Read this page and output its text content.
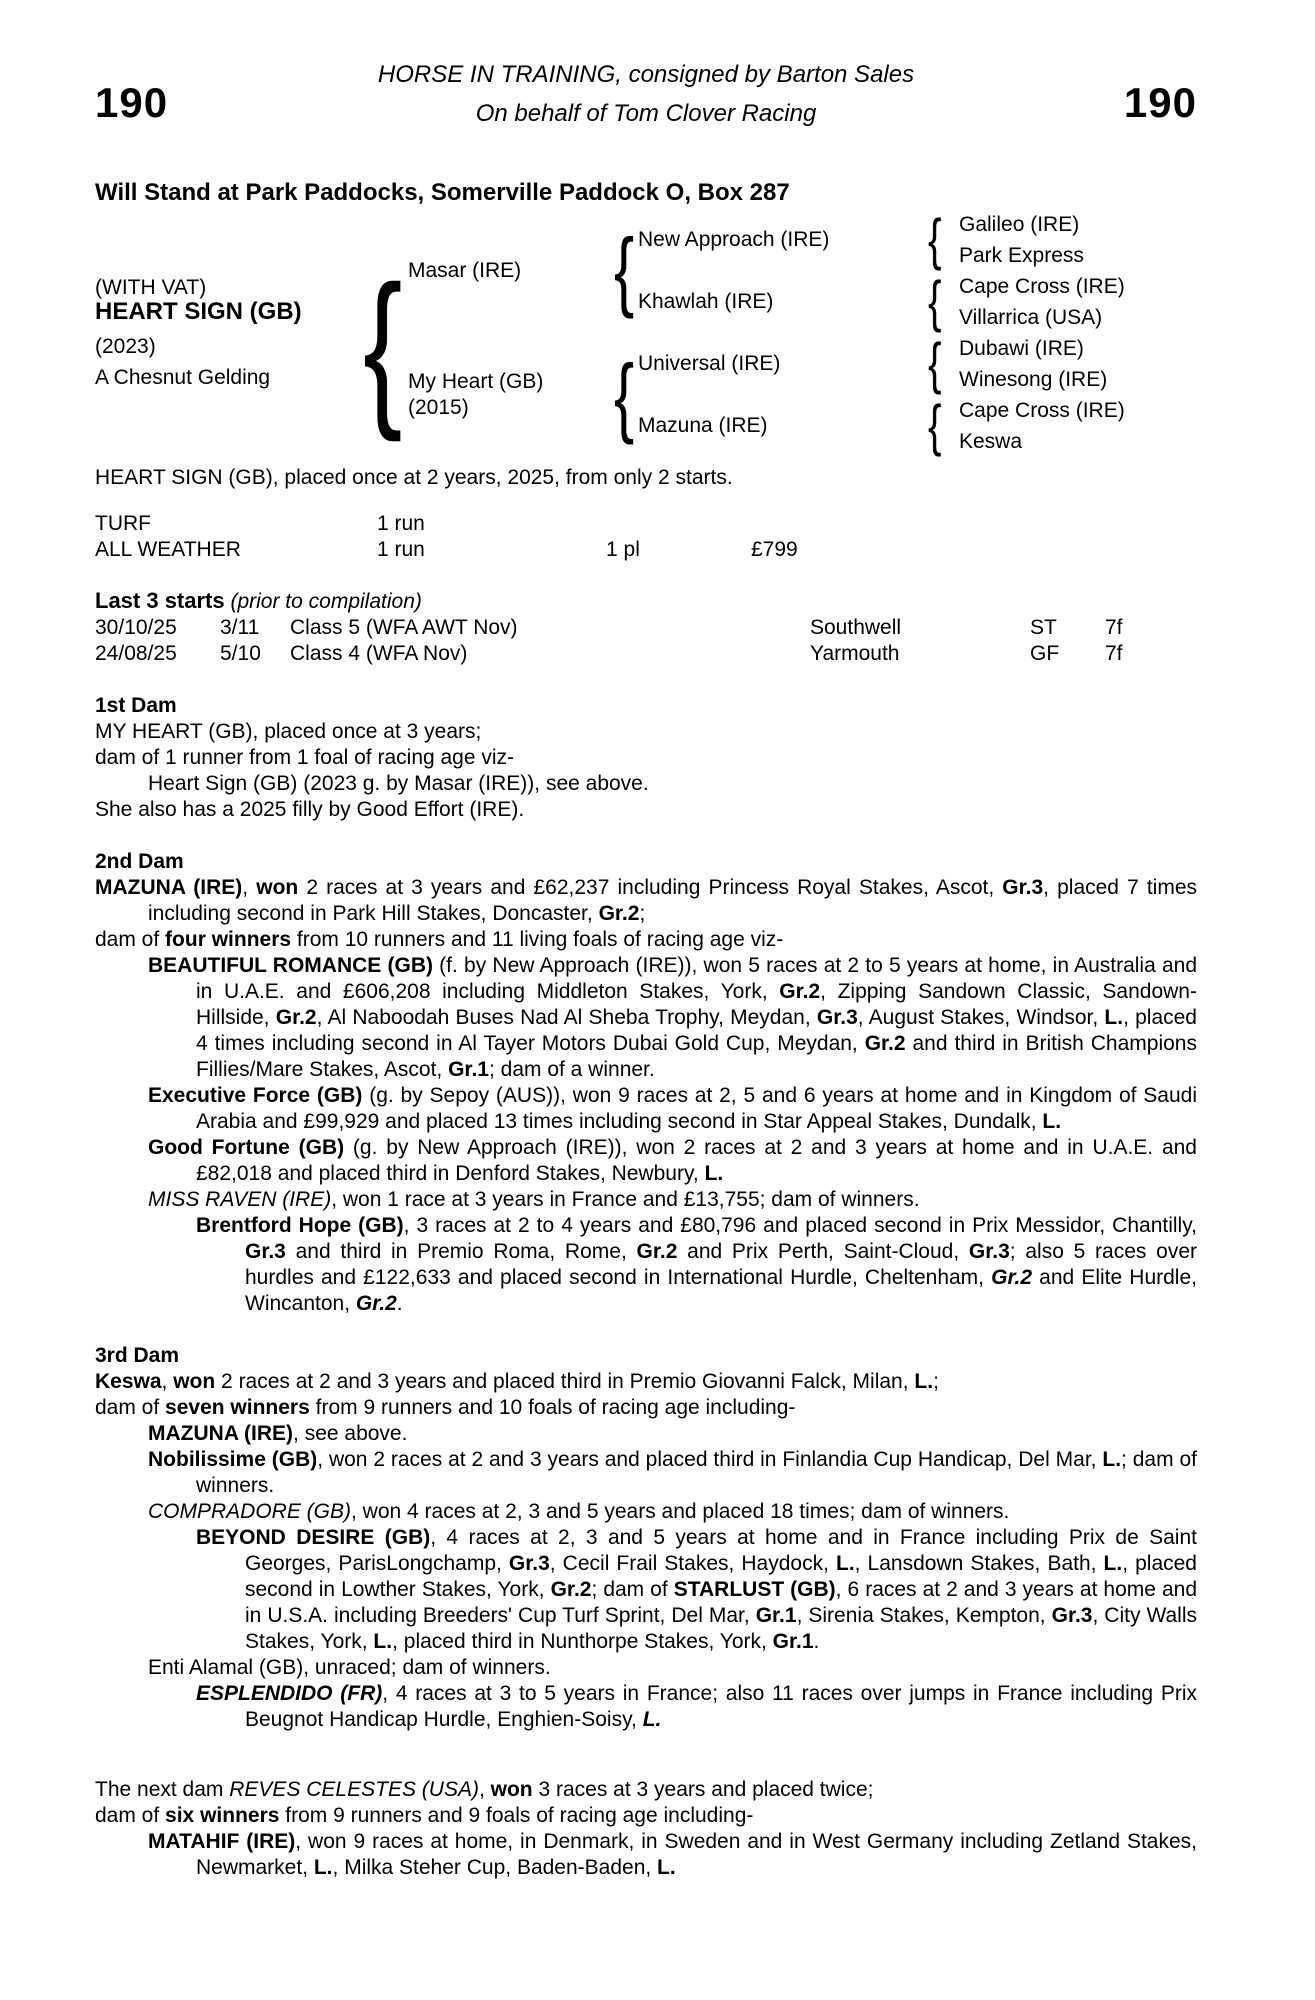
HORSE IN TRAINING, consigned by Barton Sales
On behalf of Tom Clover Racing
190	190
Will Stand at Park Paddocks, Somerville Paddock O, Box 287
(WITH VAT)
HEART SIGN (GB)
(2023)
A Chesnut Gelding
{
Masar (IRE)
My Heart (GB)
(2015)
{
{
New Approach (IRE)
Khawlah (IRE)
Universal (IRE)
Mazuna (IRE)
{
{
{
{
Galileo (IRE)
Park Express
Cape Cross (IRE)
Villarrica (USA)
Dubawi (IRE)
Winesong (IRE)
Cape Cross (IRE)
Keswa

HEART SIGN (GB), placed once at 2 years, 2025, from only 2 starts.

TURF	1 run
ALL WEATHER	1 run	1 pl	£799
Last 3 starts (prior to compilation)
30/10/25	3/11	Class 5 (WFA AWT Nov)	Southwell	ST	7f
24/08/25	5/10	Class 4 (WFA Nov)	Yarmouth	GF	7f
1st Dam

MY HEART (GB), placed once at 3 years;

dam of 1 runner from 1 foal of racing age viz-

Heart Sign (GB) (2023 g. by Masar (IRE)), see above.

She also has a 2025 filly by Good Effort (IRE).

2nd Dam

MAZUNA (IRE), won 2 races at 3 years and £62,237 including Princess Royal Stakes, Ascot, Gr.3, placed 7 times including second in Park Hill Stakes, Doncaster, Gr.2;

dam of four winners from 10 runners and 11 living foals of racing age viz-

BEAUTIFUL ROMANCE (GB) (f. by New Approach (IRE)), won 5 races at 2 to 5 years at home, in Australia and in U.A.E. and £606,208 including Middleton Stakes, York, Gr.2, Zipping Sandown Classic, Sandown-Hillside, Gr.2, Al Naboodah Buses Nad Al Sheba Trophy, Meydan, Gr.3, August Stakes, Windsor, L., placed 4 times including second in Al Tayer Motors Dubai Gold Cup, Meydan, Gr.2 and third in British Champions Fillies/Mare Stakes, Ascot, Gr.1; dam of a winner.

Executive Force (GB) (g. by Sepoy (AUS)), won 9 races at 2, 5 and 6 years at home and in Kingdom of Saudi Arabia and £99,929 and placed 13 times including second in Star Appeal Stakes, Dundalk, L.

Good Fortune (GB) (g. by New Approach (IRE)), won 2 races at 2 and 3 years at home and in U.A.E. and £82,018 and placed third in Denford Stakes, Newbury, L.

MISS RAVEN (IRE), won 1 race at 3 years in France and £13,755; dam of winners.

Brentford Hope (GB), 3 races at 2 to 4 years and £80,796 and placed second in Prix Messidor, Chantilly, Gr.3 and third in Premio Roma, Rome, Gr.2 and Prix Perth, Saint-Cloud, Gr.3; also 5 races over hurdles and £122,633 and placed second in International Hurdle, Cheltenham, Gr.2 and Elite Hurdle, Wincanton, Gr.2.

3rd Dam

Keswa, won 2 races at 2 and 3 years and placed third in Premio Giovanni Falck, Milan, L.;

dam of seven winners from 9 runners and 10 foals of racing age including-

MAZUNA (IRE), see above.

Nobilissime (GB), won 2 races at 2 and 3 years and placed third in Finlandia Cup Handicap, Del Mar, L.; dam of winners.

COMPRADORE (GB), won 4 races at 2, 3 and 5 years and placed 18 times; dam of winners.

BEYOND DESIRE (GB), 4 races at 2, 3 and 5 years at home and in France including Prix de Saint Georges, ParisLongchamp, Gr.3, Cecil Frail Stakes, Haydock, L., Lansdown Stakes, Bath, L., placed second in Lowther Stakes, York, Gr.2; dam of STARLUST (GB), 6 races at 2 and 3 years at home and in U.S.A. including Breeders' Cup Turf Sprint, Del Mar, Gr.1, Sirenia Stakes, Kempton, Gr.3, City Walls Stakes, York, L., placed third in Nunthorpe Stakes, York, Gr.1.

Enti Alamal (GB), unraced; dam of winners.

ESPLENDIDO (FR), 4 races at 3 to 5 years in France; also 11 races over jumps in France including Prix Beugnot Handicap Hurdle, Enghien-Soisy, L.

The next dam REVES CELESTES (USA), won 3 races at 3 years and placed twice;

dam of six winners from 9 runners and 9 foals of racing age including-

MATAHIF (IRE), won 9 races at home, in Denmark, in Sweden and in West Germany including Zetland Stakes, Newmarket, L., Milka Steher Cup, Baden-Baden, L.
